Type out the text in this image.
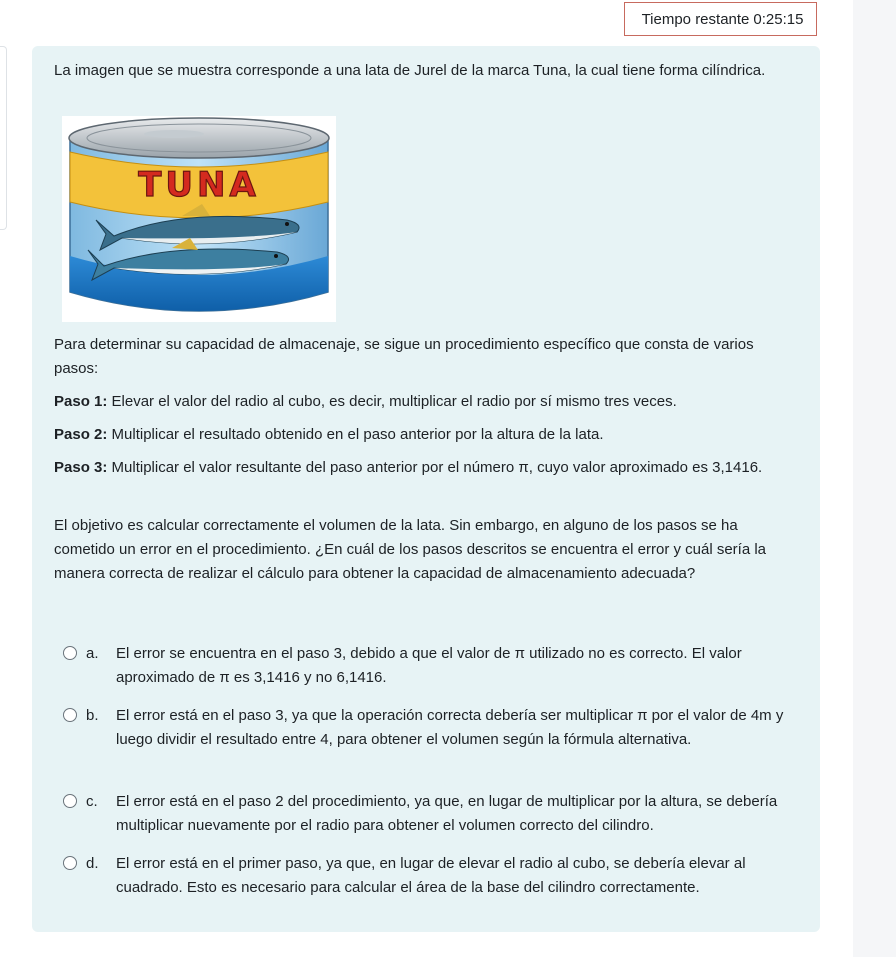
Tiempo restante 0:25:15
La imagen que se muestra corresponde a una lata de Jurel de la marca Tuna, la cual tiene forma cilíndrica.
TUNA
Para determinar su capacidad de almacenaje, se sigue un procedimiento específico que consta de varios pasos:
Paso 1: Elevar el valor del radio al cubo, es decir, multiplicar el radio por sí mismo tres veces.
Paso 2: Multiplicar el resultado obtenido en el paso anterior por la altura de la lata.
Paso 3: Multiplicar el valor resultante del paso anterior por el número π, cuyo valor aproximado es 3,1416.
El objetivo es calcular correctamente el volumen de la lata. Sin embargo, en alguno de los pasos se ha cometido un error en el procedimiento. ¿En cuál de los pasos descritos se encuentra el error y cuál sería la manera correcta de realizar el cálculo para obtener la capacidad de almacenamiento adecuada?
a. El error se encuentra en el paso 3, debido a que el valor de π utilizado no es correcto. El valor aproximado de π es 3,1416 y no 6,1416.
b. El error está en el paso 3, ya que la operación correcta debería ser multiplicar π por el valor de 4m y luego dividir el resultado entre 4, para obtener el volumen según la fórmula alternativa.
c. El error está en el paso 2 del procedimiento, ya que, en lugar de multiplicar por la altura, se debería multiplicar nuevamente por el radio para obtener el volumen correcto del cilindro.
d. El error está en el primer paso, ya que, en lugar de elevar el radio al cubo, se debería elevar al cuadrado. Esto es necesario para calcular el área de la base del cilindro correctamente.
